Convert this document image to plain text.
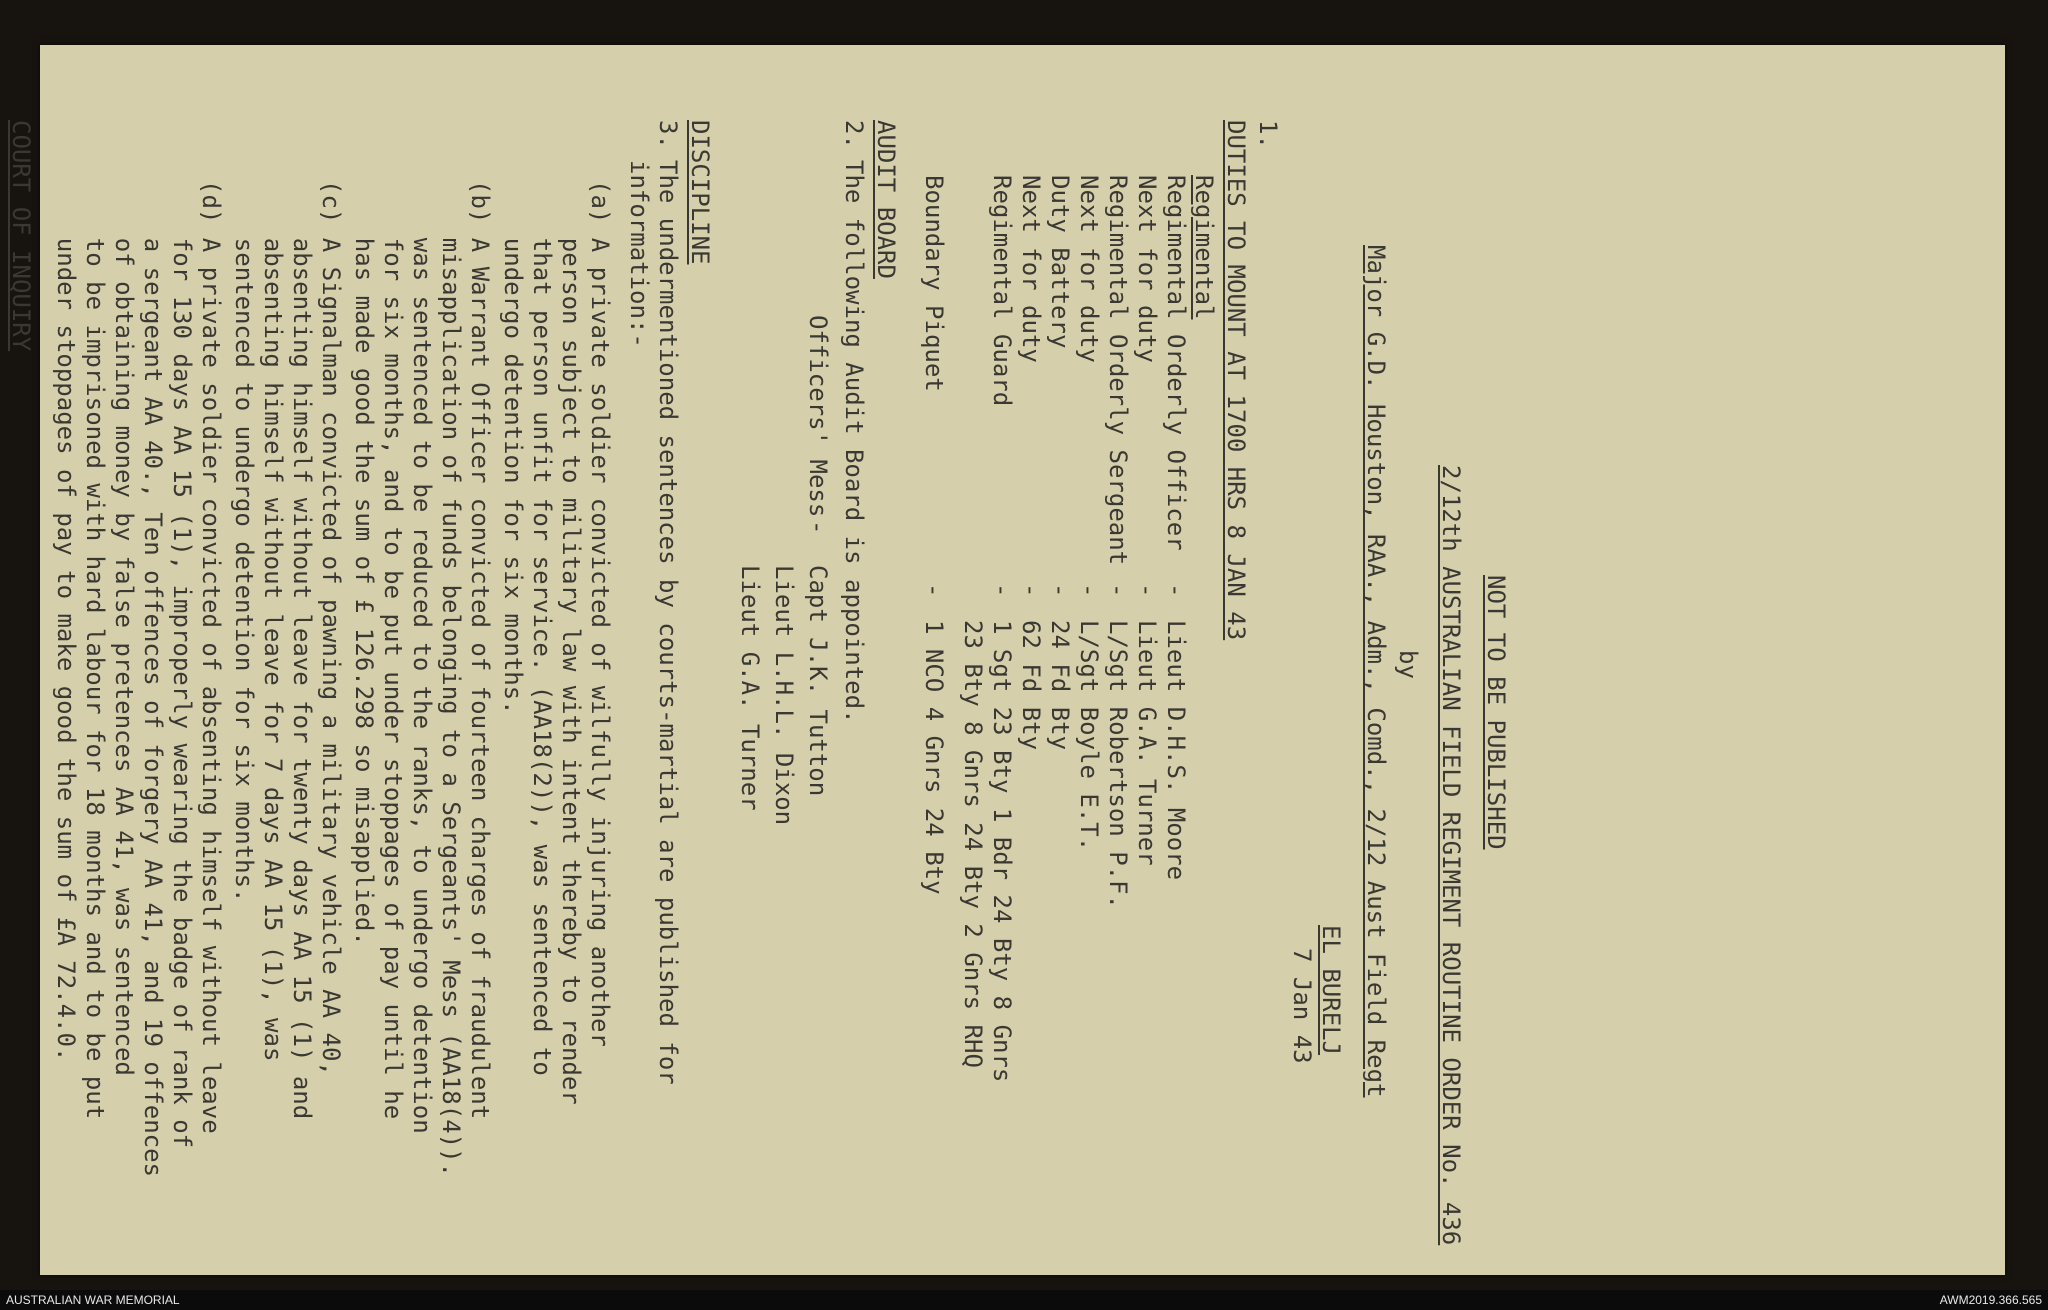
NOT TO BE PUBLISHED
2/12th AUSTRALIAN FIELD REGIMENT ROUTINE ORDER No. 436
by
Major G.D. Houston, RAA., Adm., Comd., 2/12 Aust Field Regt
EL BURELJ
7 Jan 43
1.
DUTIES TO MOUNT AT 1700 HRS 8 JAN 43
Regimental
Regimental Orderly Officer
-
Lieut D.H.S. Moore
Next for duty
-
Lieut G.A. Turner
Regimental Orderly Sergeant
-
L/Sgt Robertson P.F.
Next for duty
-
L/Sgt Boyle E.T.
Duty Battery
-
24 Fd Bty
Next for duty
-
62 Fd Bty
Regimental Guard
-
1 Sgt 23 Bty 1 Bdr 24 Bty 8 Gnrs
23 Bty 8 Gnrs 24 Bty 2 Gnrs RHQ
Boundary Piquet
-
1 NCO 4 Gnrs 24 Bty
AUDIT BOARD
2.
The following Audit Board is appointed.
Officers' Mess
-
Capt J.K. Tutton
Lieut L.H.L. Dixon
Lieut G.A. Turner
DISCIPLINE
3.
The undermentioned sentences by courts-martial are published for
information:-
(a) A private soldier convicted of wilfully injuring another
person subject to military law with intent thereby to render
that person unfit for service. (AA18(2)), was sentenced to
undergo detention for six months.
(b) A Warrant Officer convicted of fourteen charges of fraudulent
misapplication of funds belonging to a Sergeants' Mess (AA18(4)).
was sentenced to be reduced to the ranks, to undergo detention
for six months, and to be put under stoppages of pay until he
has made good the sum of £ 126.298 so misapplied.
(c) A Signalman convicted of pawning a military vehicle AA 40,
absenting himself without leave for twenty days AA 15 (1) and
absenting himself without leave for 7 days AA 15 (1), was
sentenced to undergo detention for six months.
(d) A private soldier convicted of absenting himself without leave
for 130 days AA 15 (1), improperly wearing the badge of rank of
a sergeant AA 40., Ten offences of forgery AA 41, and 19 offences
of obtaining money by false pretences AA 41, was sentenced
to be imprisoned with hard labour for 18 months and to be put
under stoppages of pay to make good the sum of £A 72.4.0.
COURT OF INQUIRY
AUSTRALIAN WAR MEMORIAL	AWM2019.366.565
